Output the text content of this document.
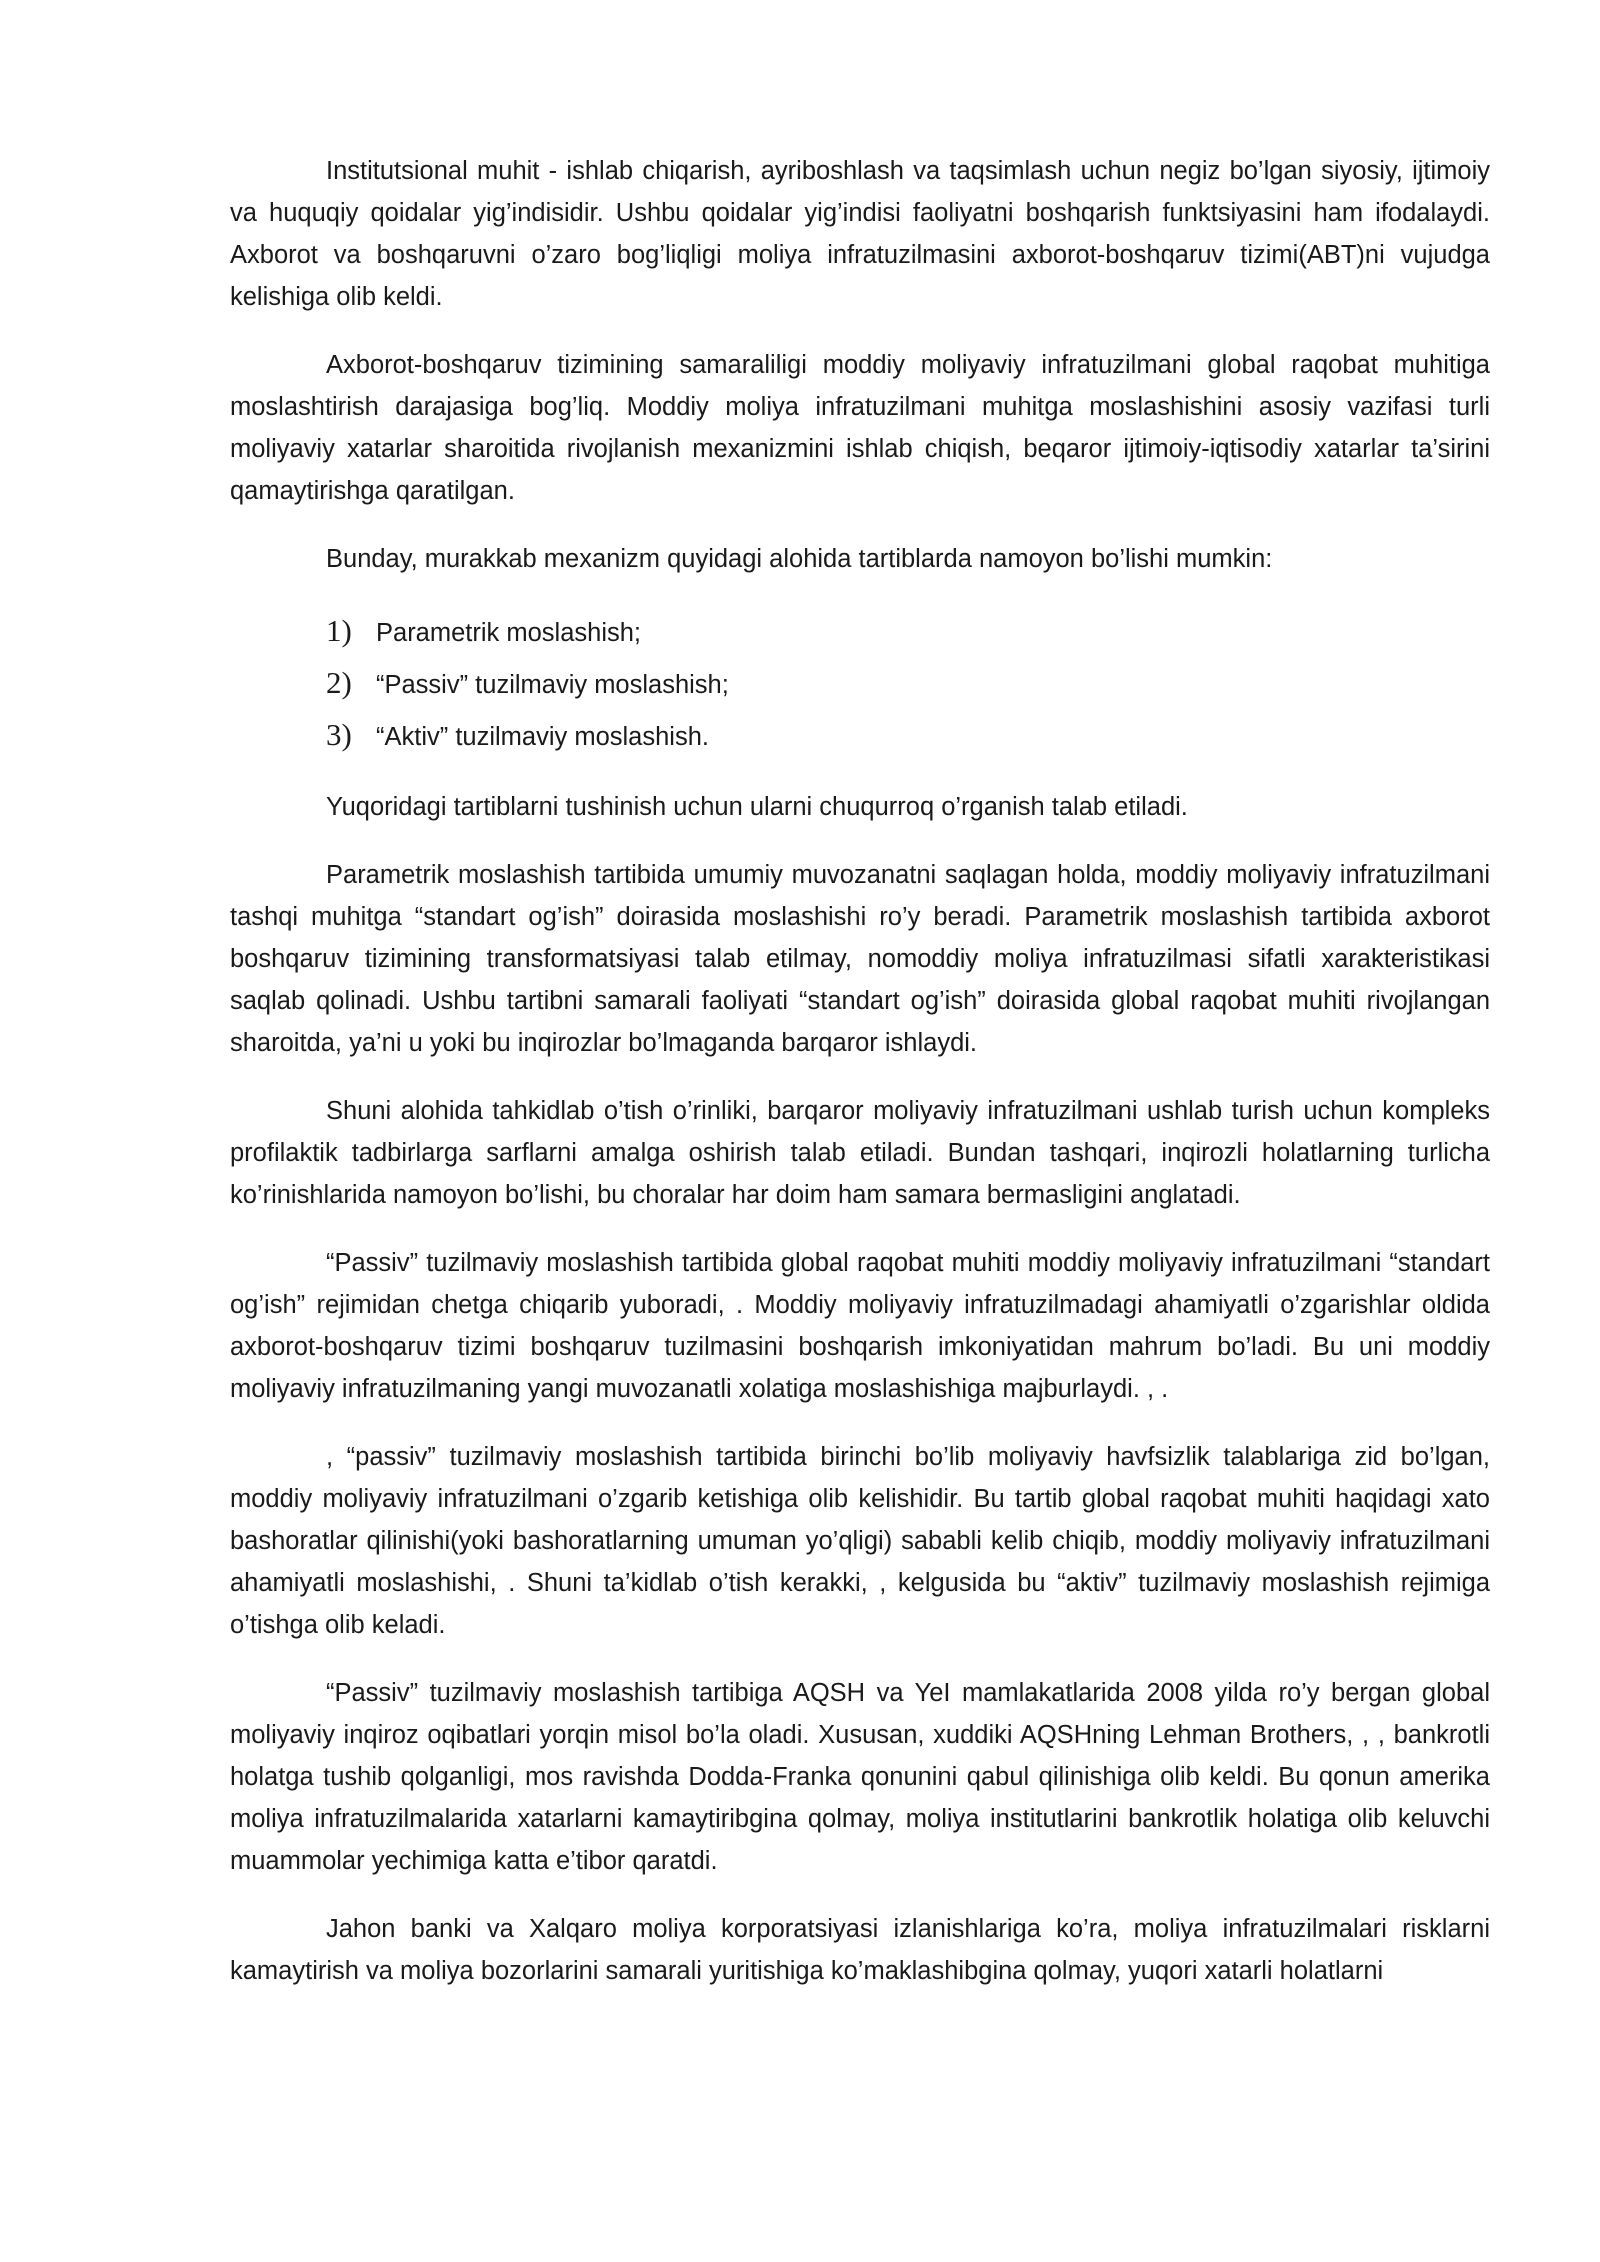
Institutsional muhit - ishlab chiqarish, ayriboshlash va taqsimlash uchun negiz bo’lgan siyosiy, ijtimoiy va huquqiy qoidalar yig’indisidir. Ushbu qoidalar yig’indisi faoliyatni boshqarish funktsiyasini ham ifodalaydi. Axborot va boshqaruvni o’zaro bog’liqligi moliya infratuzilmasini axborot-boshqaruv tizimi(ABT)ni vujudga kelishiga olib keldi.

Axborot-boshqaruv tizimining samaraliligi moddiy moliyaviy infratuzilmani global raqobat muhitiga moslashtirish darajasiga bog’liq. Moddiy moliya infratuzilmani muhitga moslashishini asosiy vazifasi turli moliyaviy xatarlar sharoitida rivojlanish mexanizmini ishlab chiqish, beqaror ijtimoiy-iqtisodiy xatarlar ta’sirini qamaytirishga qaratilgan.

Bunday, murakkab mexanizm quyidagi alohida tartiblarda namoyon bo’lishi mumkin:

1) Parametrik moslashish;
2) “Passiv” tuzilmaviy moslashish;
3) “Aktiv” tuzilmaviy moslashish.

Yuqoridagi tartiblarni tushinish uchun ularni chuqurroq o’rganish talab etiladi.

Parametrik moslashish tartibida umumiy muvozanatni saqlagan holda, moddiy moliyaviy infratuzilmani tashqi muhitga “standart og’ish” doirasida moslashishi ro’y beradi. Parametrik moslashish tartibida axborot boshqaruv tizimining transformatsiyasi talab etilmay, nomoddiy moliya infratuzilmasi sifatli xarakteristikasi saqlab qolinadi. Ushbu tartibni samarali faoliyati “standart og’ish” doirasida global raqobat muhiti rivojlangan sharoitda, ya’ni u yoki bu inqirozlar bo’lmaganda barqaror ishlaydi.

Shuni alohida tahkidlab o’tish o’rinliki, barqaror moliyaviy infratuzilmani ushlab turish uchun kompleks profilaktik tadbirlarga sarflarni amalga oshirish talab etiladi. Bundan tashqari, inqirozli holatlarning turlicha ko’rinishlarida namoyon bo’lishi, bu choralar har doim ham samara bermasligini anglatadi.

“Passiv” tuzilmaviy moslashish tartibida global raqobat muhiti moddiy moliyaviy infratuzilmani “standart og’ish” rejimidan chetga chiqarib yuboradi, . Moddiy moliyaviy infratuzilmadagi ahamiyatli o’zgarishlar oldida axborot-boshqaruv tizimi boshqaruv tuzilmasini boshqarish imkoniyatidan mahrum bo’ladi. Bu uni moddiy moliyaviy infratuzilmaning yangi muvozanatli xolatiga moslashishiga majburlaydi. , .

, “passiv” tuzilmaviy moslashish tartibida birinchi bo’lib moliyaviy havfsizlik talablariga zid bo’lgan, moddiy moliyaviy infratuzilmani o’zgarib ketishiga olib kelishidir. Bu tartib global raqobat muhiti haqidagi xato bashoratlar qilinishi(yoki bashoratlarning umuman yo’qligi) sababli kelib chiqib, moddiy moliyaviy infratuzilmani ahamiyatli moslashishi, . Shuni ta’kidlab o’tish kerakki, , kelgusida bu “aktiv” tuzilmaviy moslashish rejimiga o’tishga olib keladi.

“Passiv” tuzilmaviy moslashish tartibiga AQSH va YeI mamlakatlarida 2008 yilda ro’y bergan global moliyaviy inqiroz oqibatlari yorqin misol bo’la oladi. Xususan, xuddiki AQSHning Lehman Brothers, , , bankrotli holatga tushib qolganligi, mos ravishda Dodda-Franka qonunini qabul qilinishiga olib keldi. Bu qonun amerika moliya infratuzilmalarida xatarlarni kamaytiribgina qolmay, moliya institutlarini bankrotlik holatiga olib keluvchi muammolar yechimiga katta e’tibor qaratdi.

Jahon banki va Xalqaro moliya korporatsiyasi izlanishlariga ko’ra, moliya infratuzilmalari risklarni kamaytirish va moliya bozorlarini samarali yuritishiga ko’maklashibgina qolmay, yuqori xatarli holatlarni
